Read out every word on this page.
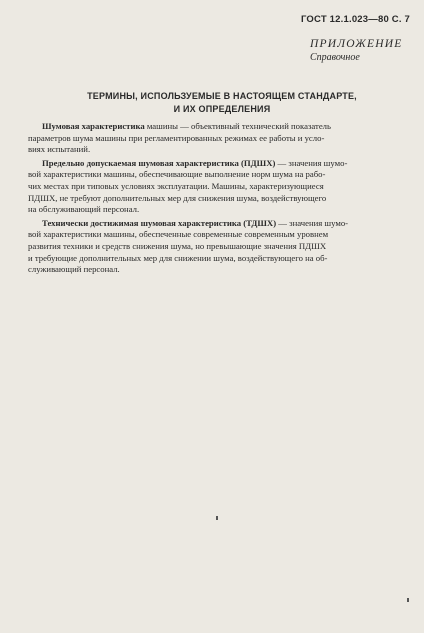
ГОСТ 12.1.023—80 С. 7
ПРИЛОЖЕНИЕ
Справочное
ТЕРМИНЫ, ИСПОЛЬЗУЕМЫЕ В НАСТОЯЩЕМ СТАНДАРТЕ,
И ИХ ОПРЕДЕЛЕНИЯ
Шумовая характеристика машины — объективный технический показатель
параметров шума машины при регламентированных режимах ее работы и усло-
виях испытаний.
Предельно допускаемая шумовая характеристика (ПДШХ) — значения шумо-
вой характеристики машины, обеспечивающие выполнение норм шума на рабо-
чих местах при типовых условиях эксплуатации. Машины, характеризующиеся
ПДШХ, не требуют дополнительных мер для снижения шума, воздействующего
на обслуживающий персонал.
Технически достижимая шумовая характеристика (ТДШХ) — значения шумо-
вой характеристики машины, обеспеченные современные современным уровнем
развития техники и средств снижения шума, но превышающие значения ПДШХ
и требующие дополнительных мер для снижении шума, воздействующего на об-
служивающий персонал.
